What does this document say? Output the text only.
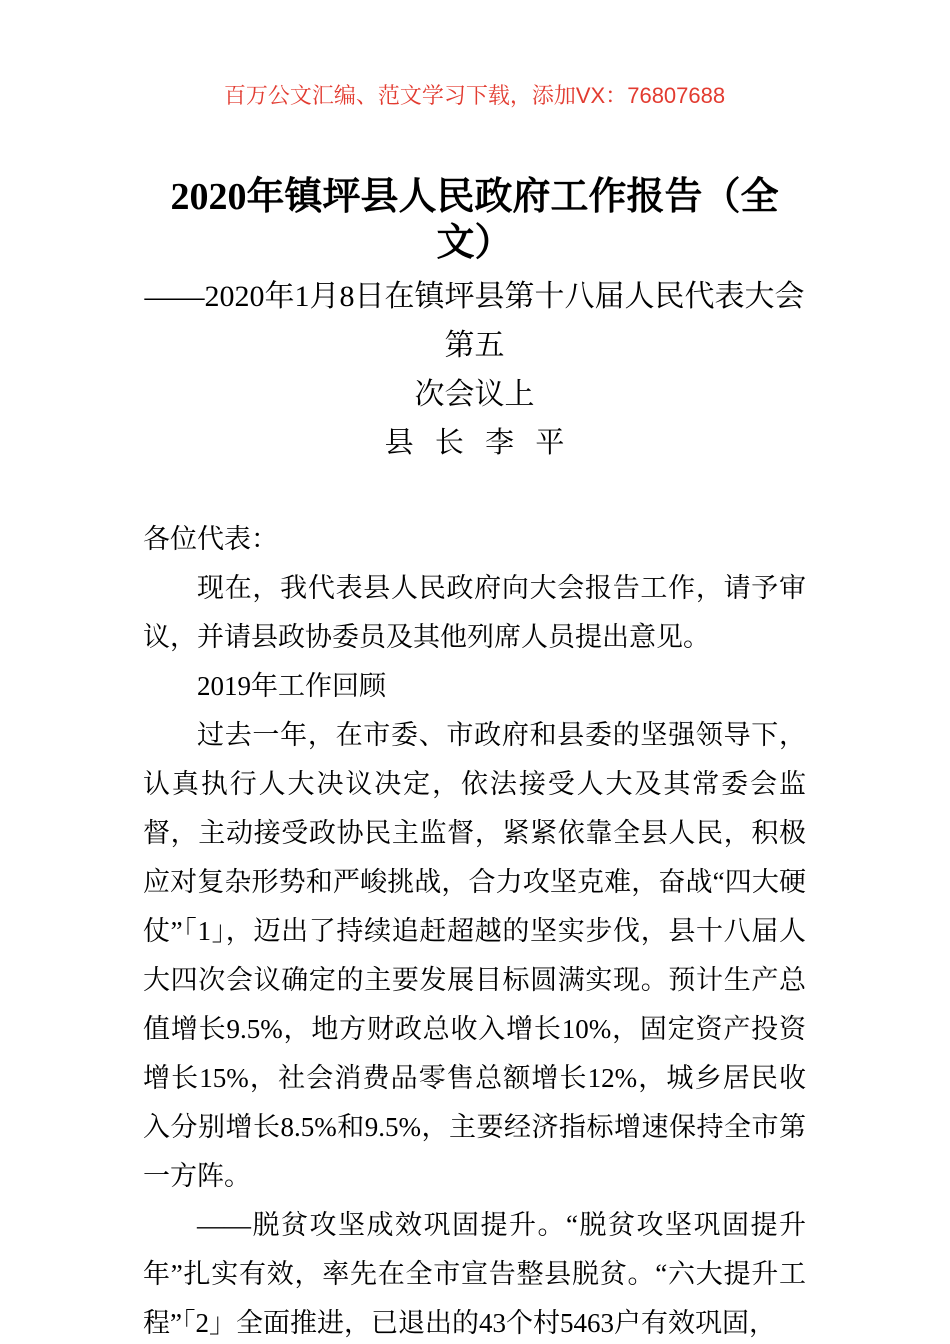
百万公文汇编、范文学习下载，添加VX：76807688
2020年镇坪县人民政府工作报告（全文）
——2020年1月8日在镇坪县第十八届人民代表大会第五
次会议上
县 长 李 平

各位代表：

现在，我代表县人民政府向大会报告工作，请予审议，并请县政协委员及其他列席人员提出意见。

2019年工作回顾

过去一年，在市委、市政府和县委的坚强领导下，认真执行人大决议决定，依法接受人大及其常委会监督，主动接受政协民主监督，紧紧依靠全县人民，积极应对复杂形势和严峻挑战，合力攻坚克难，奋战“四大硬仗”「1」，迈出了持续追赶超越的坚实步伐，县十八届人大四次会议确定的主要发展目标圆满实现。预计生产总值增长9.5%，地方财政总收入增长10%，固定资产投资增长15%，社会消费品零售总额增长12%，城乡居民收入分别增长8.5%和9.5%，主要经济指标增速保持全市第一方阵。

——脱贫攻坚成效巩固提升。“脱贫攻坚巩固提升年”扎实有效，率先在全市宣告整县脱贫。“六大提升工程”「2」全面推进，已退出的43个村5463户有效巩固，
